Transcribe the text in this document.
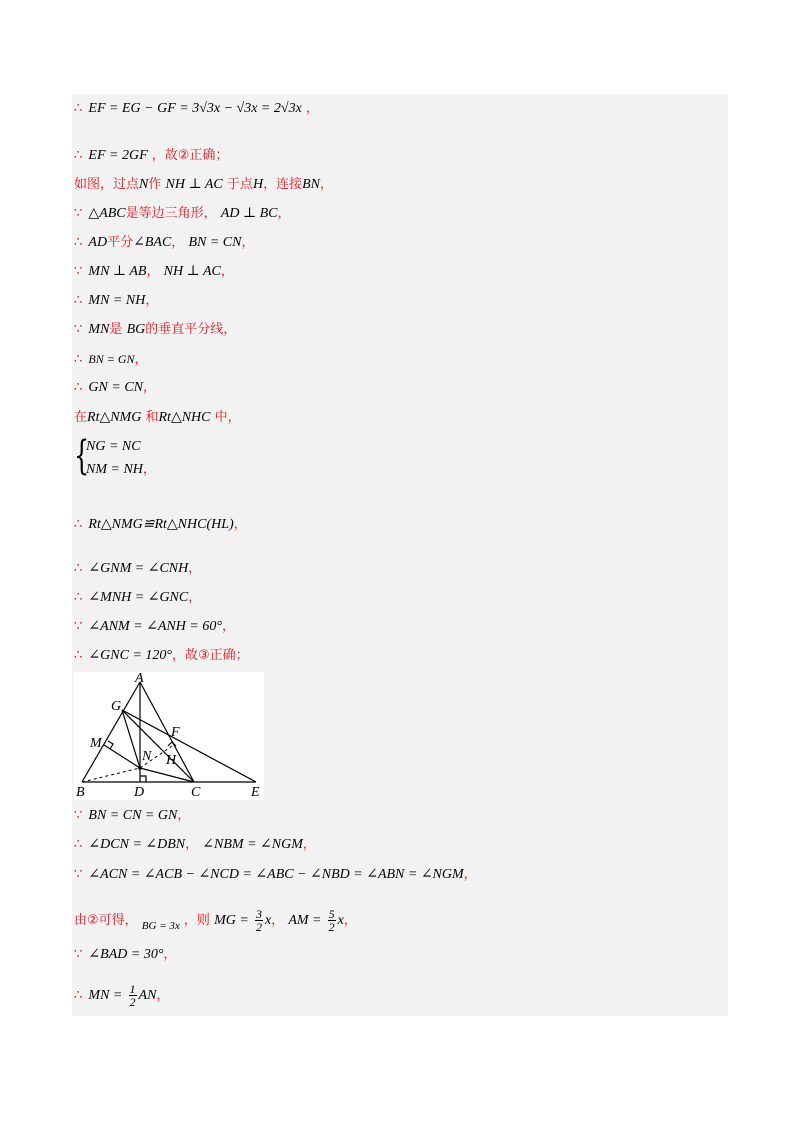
∴ EF = EG − GF = 3√3x − √3x = 2√3x ，
∴ EF = 2GF ，故②正确；
如图，过点N作 NH ⊥ AC 于点H，连接BN，
∵ △ABC是等边三角形， AD ⊥ BC，
∴ AD平分∠BAC， BN = CN，
∵ MN ⊥ AB， NH ⊥ AC，
∴ MN = NH，
∵ MN是 BG的垂直平分线，
∴ BN = GN，
∴ GN = CN，
在Rt△NMG 和Rt△NHC 中，
{
NG = NC
NM = NH，
∴ Rt△NMG≌Rt△NHC(HL)，
∴ ∠GNM = ∠CNH，
∴ ∠MNH = ∠GNC，
∵ ∠ANM = ∠ANH = 60°，
∴ ∠GNC = 120°，故③正确；
A
G
F
M
N H
B	D	C	E
∵ BN = CN = GN，
∴ ∠DCN = ∠DBN， ∠NBM = ∠NGM，
∵ ∠ACN = ∠ACB − ∠NCD = ∠ABC − ∠NBD = ∠ABN = ∠NGM，
由②可得， $_{BG = 3x}$ ，则 MG = $\frac{3}{2}$ x， AM = $\frac{5}{2}$ x，
∵ ∠BAD = 30°，
∴ MN = $\frac{1}{2}$ AN，
